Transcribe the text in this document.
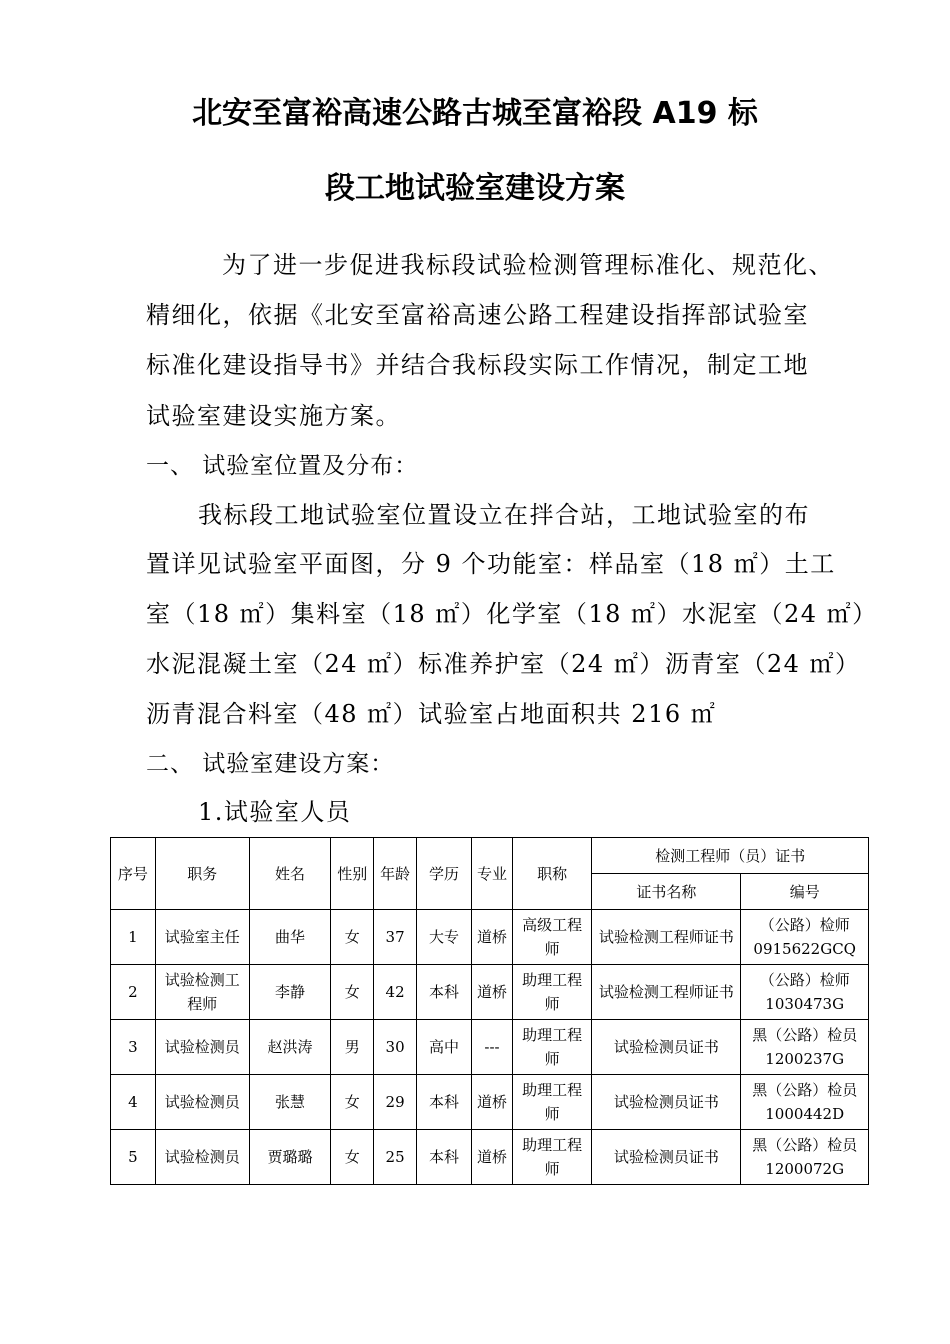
北安至富裕高速公路古城至富裕段 A19 标
段工地试验室建设方案
为了进一步促进我标段试验检测管理标准化、规范化、
精细化，依据《北安至富裕高速公路工程建设指挥部试验室
标准化建设指导书》并结合我标段实际工作情况，制定工地
试验室建设实施方案。
一、 试验室位置及分布：
我标段工地试验室位置设立在拌合站，工地试验室的布
置详见试验室平面图，分 9 个功能室：样品室（18 ㎡）土工
室（18 ㎡）集料室（18 ㎡）化学室（18 ㎡）水泥室（24 ㎡）
水泥混凝土室（24 ㎡）标准养护室（24 ㎡）沥青室（24 ㎡）
沥青混合料室（48 ㎡）试验室占地面积共 216 ㎡
二、 试验室建设方案：
1.试验室人员
序号	职务	姓名	性别	年龄	学历	专业	职称	检测工程师（员）证书	
								证书名称	编号
1	试验室主任	曲华	女	37	大专	道桥	高级工程师	试验检测工程师证书	（公路）检师 0915622GCQ
2	试验检测工程师	李静	女	42	本科	道桥	助理工程师	试验检测工程师证书	（公路）检师 1030473G
3	试验检测员	赵洪涛	男	30	高中	---	助理工程师	试验检测员证书	黑（公路）检员 1200237G
4	试验检测员	张慧	女	29	本科	道桥	助理工程师	试验检测员证书	黑（公路）检员 1000442D
5	试验检测员	贾璐璐	女	25	本科	道桥	助理工程师	试验检测员证书	黑（公路）检员 1200072G
